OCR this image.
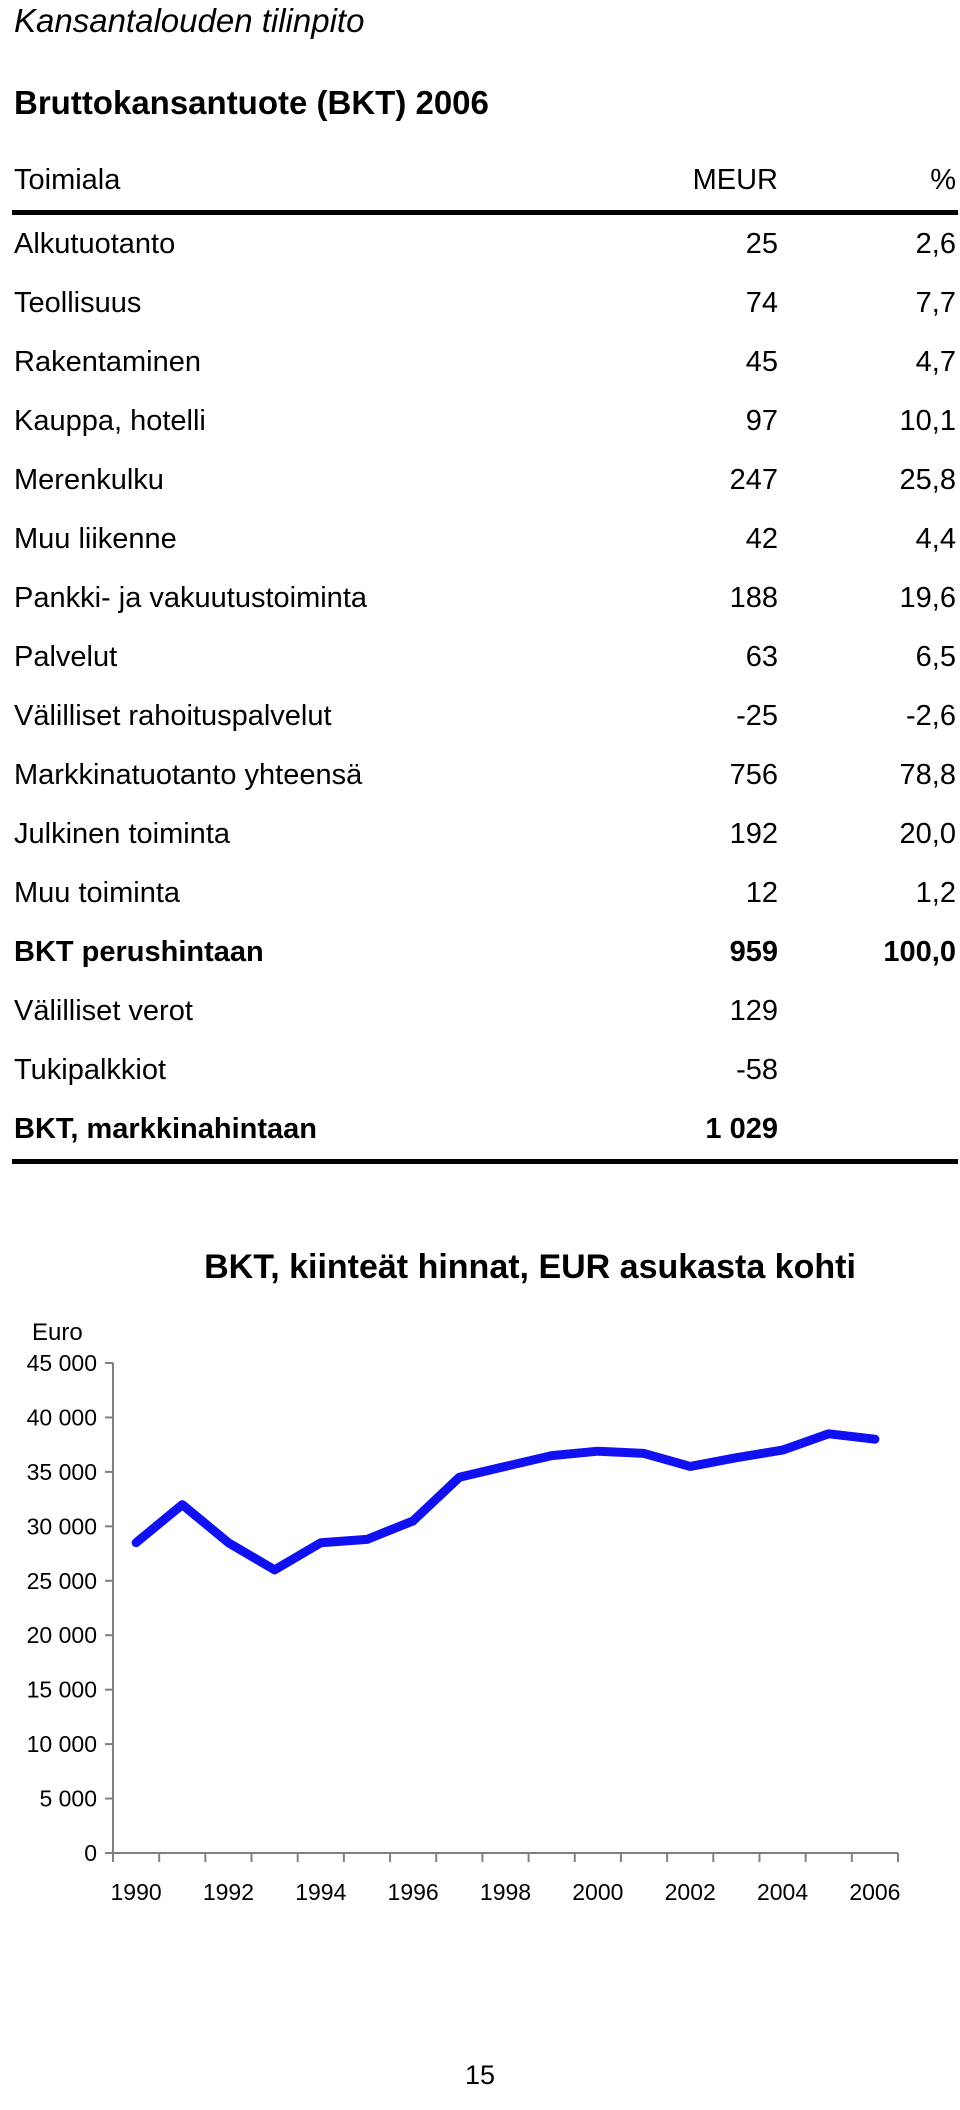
Kansantalouden tilinpito
Bruttokansantuote (BKT) 2006
Toimiala	MEUR	%
Alkutuotanto	25	2,6
Teollisuus	74	7,7
Rakentaminen	45	4,7
Kauppa, hotelli	97	10,1
Merenkulku	247	25,8
Muu liikenne	42	4,4
Pankki- ja vakuutustoiminta	188	19,6
Palvelut	63	6,5
Välilliset rahoituspalvelut	-25	-2,6
Markkinatuotanto yhteensä	756	78,8
Julkinen toiminta	192	20,0
Muu toiminta	12	1,2
BKT perushintaan	959	100,0
Välilliset verot	129	
Tukipalkkiot	-58	
BKT, markkinahintaan	1 029	
BKT, kiinteät hinnat, EUR asukasta kohti
Euro
0
5 000
10 000
15 000
20 000
25 000
30 000
35 000
40 000
45 000
1990 1992 1994 1996 1998 2000 2002 2004 2006
15
